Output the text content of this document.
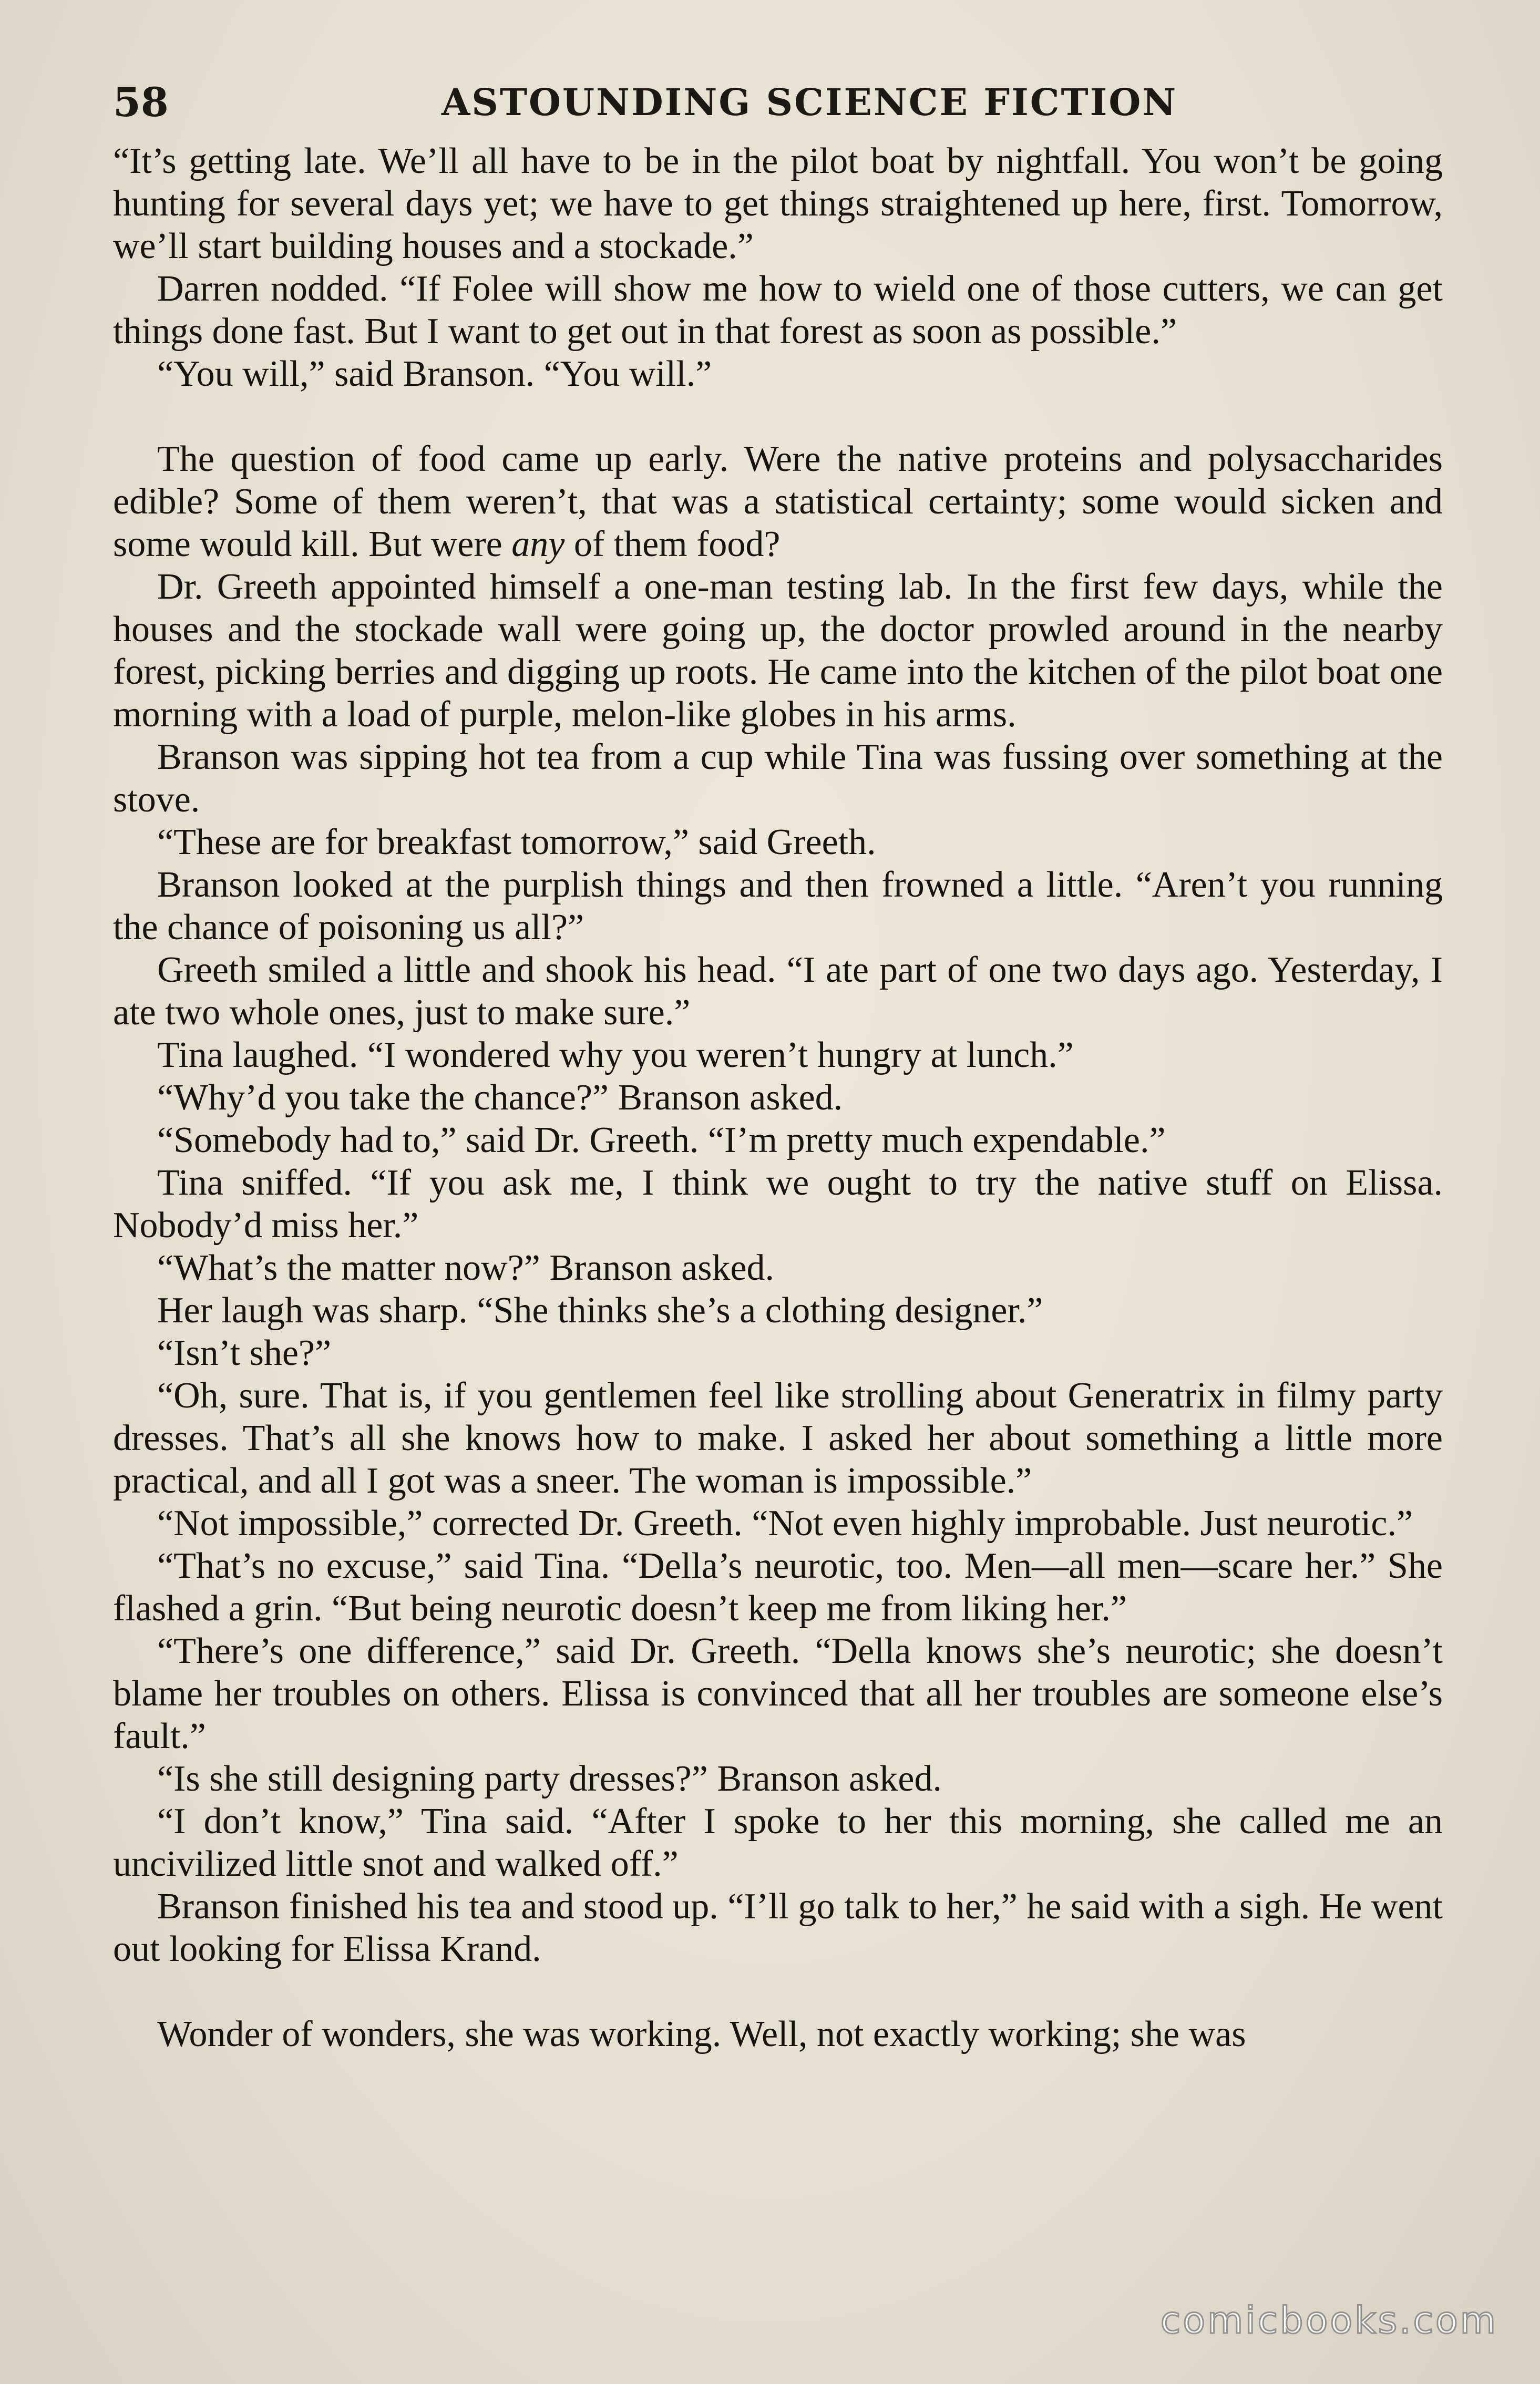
58	ASTOUNDING SCIENCE FICTION

“It’s getting late. We’ll all have to be in the pilot boat by nightfall. You won’t be going hunting for several days yet; we have to get things straightened up here, first. Tomorrow, we’ll start building houses and a stockade.”

Darren nodded. “If Folee will show me how to wield one of those cutters, we can get things done fast. But I want to get out in that forest as soon as possible.”

“You will,” said Branson. “You will.”

The question of food came up early. Were the native proteins and polysaccharides edible? Some of them weren’t, that was a statistical certainty; some would sicken and some would kill. But were any of them food?

Dr. Greeth appointed himself a one-man testing lab. In the first few days, while the houses and the stockade wall were going up, the doctor prowled around in the nearby forest, picking berries and digging up roots. He came into the kitchen of the pilot boat one morning with a load of purple, melon-like globes in his arms.

Branson was sipping hot tea from a cup while Tina was fussing over something at the stove.

“These are for breakfast tomorrow,” said Greeth.

Branson looked at the purplish things and then frowned a little. “Aren’t you running the chance of poisoning us all?”

Greeth smiled a little and shook his head. “I ate part of one two days ago. Yesterday, I ate two whole ones, just to make sure.”

Tina laughed. “I wondered why you weren’t hungry at lunch.”

“Why’d you take the chance?” Branson asked.

“Somebody had to,” said Dr. Greeth. “I’m pretty much expendable.”

Tina sniffed. “If you ask me, I think we ought to try the native stuff on Elissa. Nobody’d miss her.”

“What’s the matter now?” Branson asked.

Her laugh was sharp. “She thinks she’s a clothing designer.”

“Isn’t she?”

“Oh, sure. That is, if you gentlemen feel like strolling about Generatrix in filmy party dresses. That’s all she knows how to make. I asked her about something a little more practical, and all I got was a sneer. The woman is impossible.”

“Not impossible,” corrected Dr. Greeth. “Not even highly improbable. Just neurotic.”

“That’s no excuse,” said Tina. “Della’s neurotic, too. Men—all men—scare her.” She flashed a grin. “But being neurotic doesn’t keep me from liking her.”

“There’s one difference,” said Dr. Greeth. “Della knows she’s neurotic; she doesn’t blame her troubles on others. Elissa is convinced that all her troubles are someone else’s fault.”

“Is she still designing party dresses?” Branson asked.

“I don’t know,” Tina said. “After I spoke to her this morning, she called me an uncivilized little snot and walked off.”

Branson finished his tea and stood up. “I’ll go talk to her,” he said with a sigh. He went out looking for Elissa Krand.

Wonder of wonders, she was working. Well, not exactly working; she was

comicbooks.com
